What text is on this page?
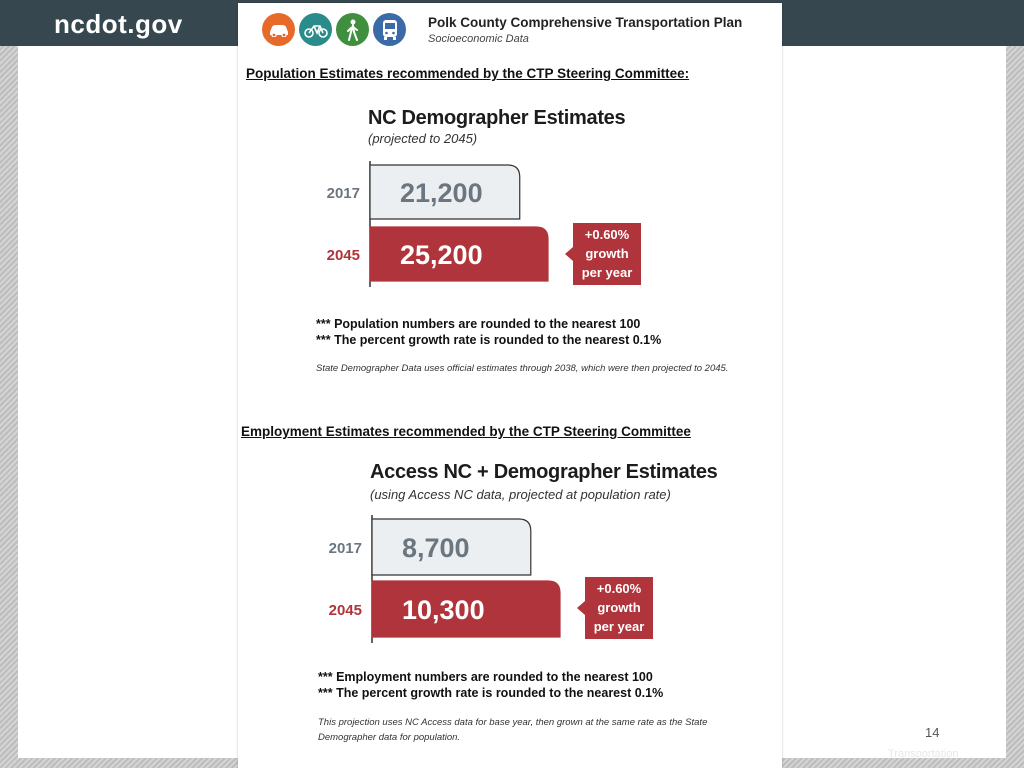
ncdot.gov	Polk County Comprehensive Transportation Plan
Socioeconomic Data
Population Estimates recommended by the CTP Steering Committee:
NC Demographer Estimates
(projected to 2045)
2017 21,200
2045 25,200
+0.60%
growth
per year
*** Population numbers are rounded to the nearest 100
*** The percent growth rate is rounded to the nearest 0.1%
State Demographer Data uses official estimates through 2038, which were then projected to 2045.
Employment Estimates recommended by the CTP Steering Committee
Access NC + Demographer Estimates
(using Access NC data, projected at population rate)
2017 8,700
2045 10,300
+0.60%
growth
per year
*** Employment numbers are rounded to the nearest 100
*** The percent growth rate is rounded to the nearest 0.1%
This projection uses NC Access data for base year, then grown at the same rate as the State Demographer data for population.	14
Transportation
